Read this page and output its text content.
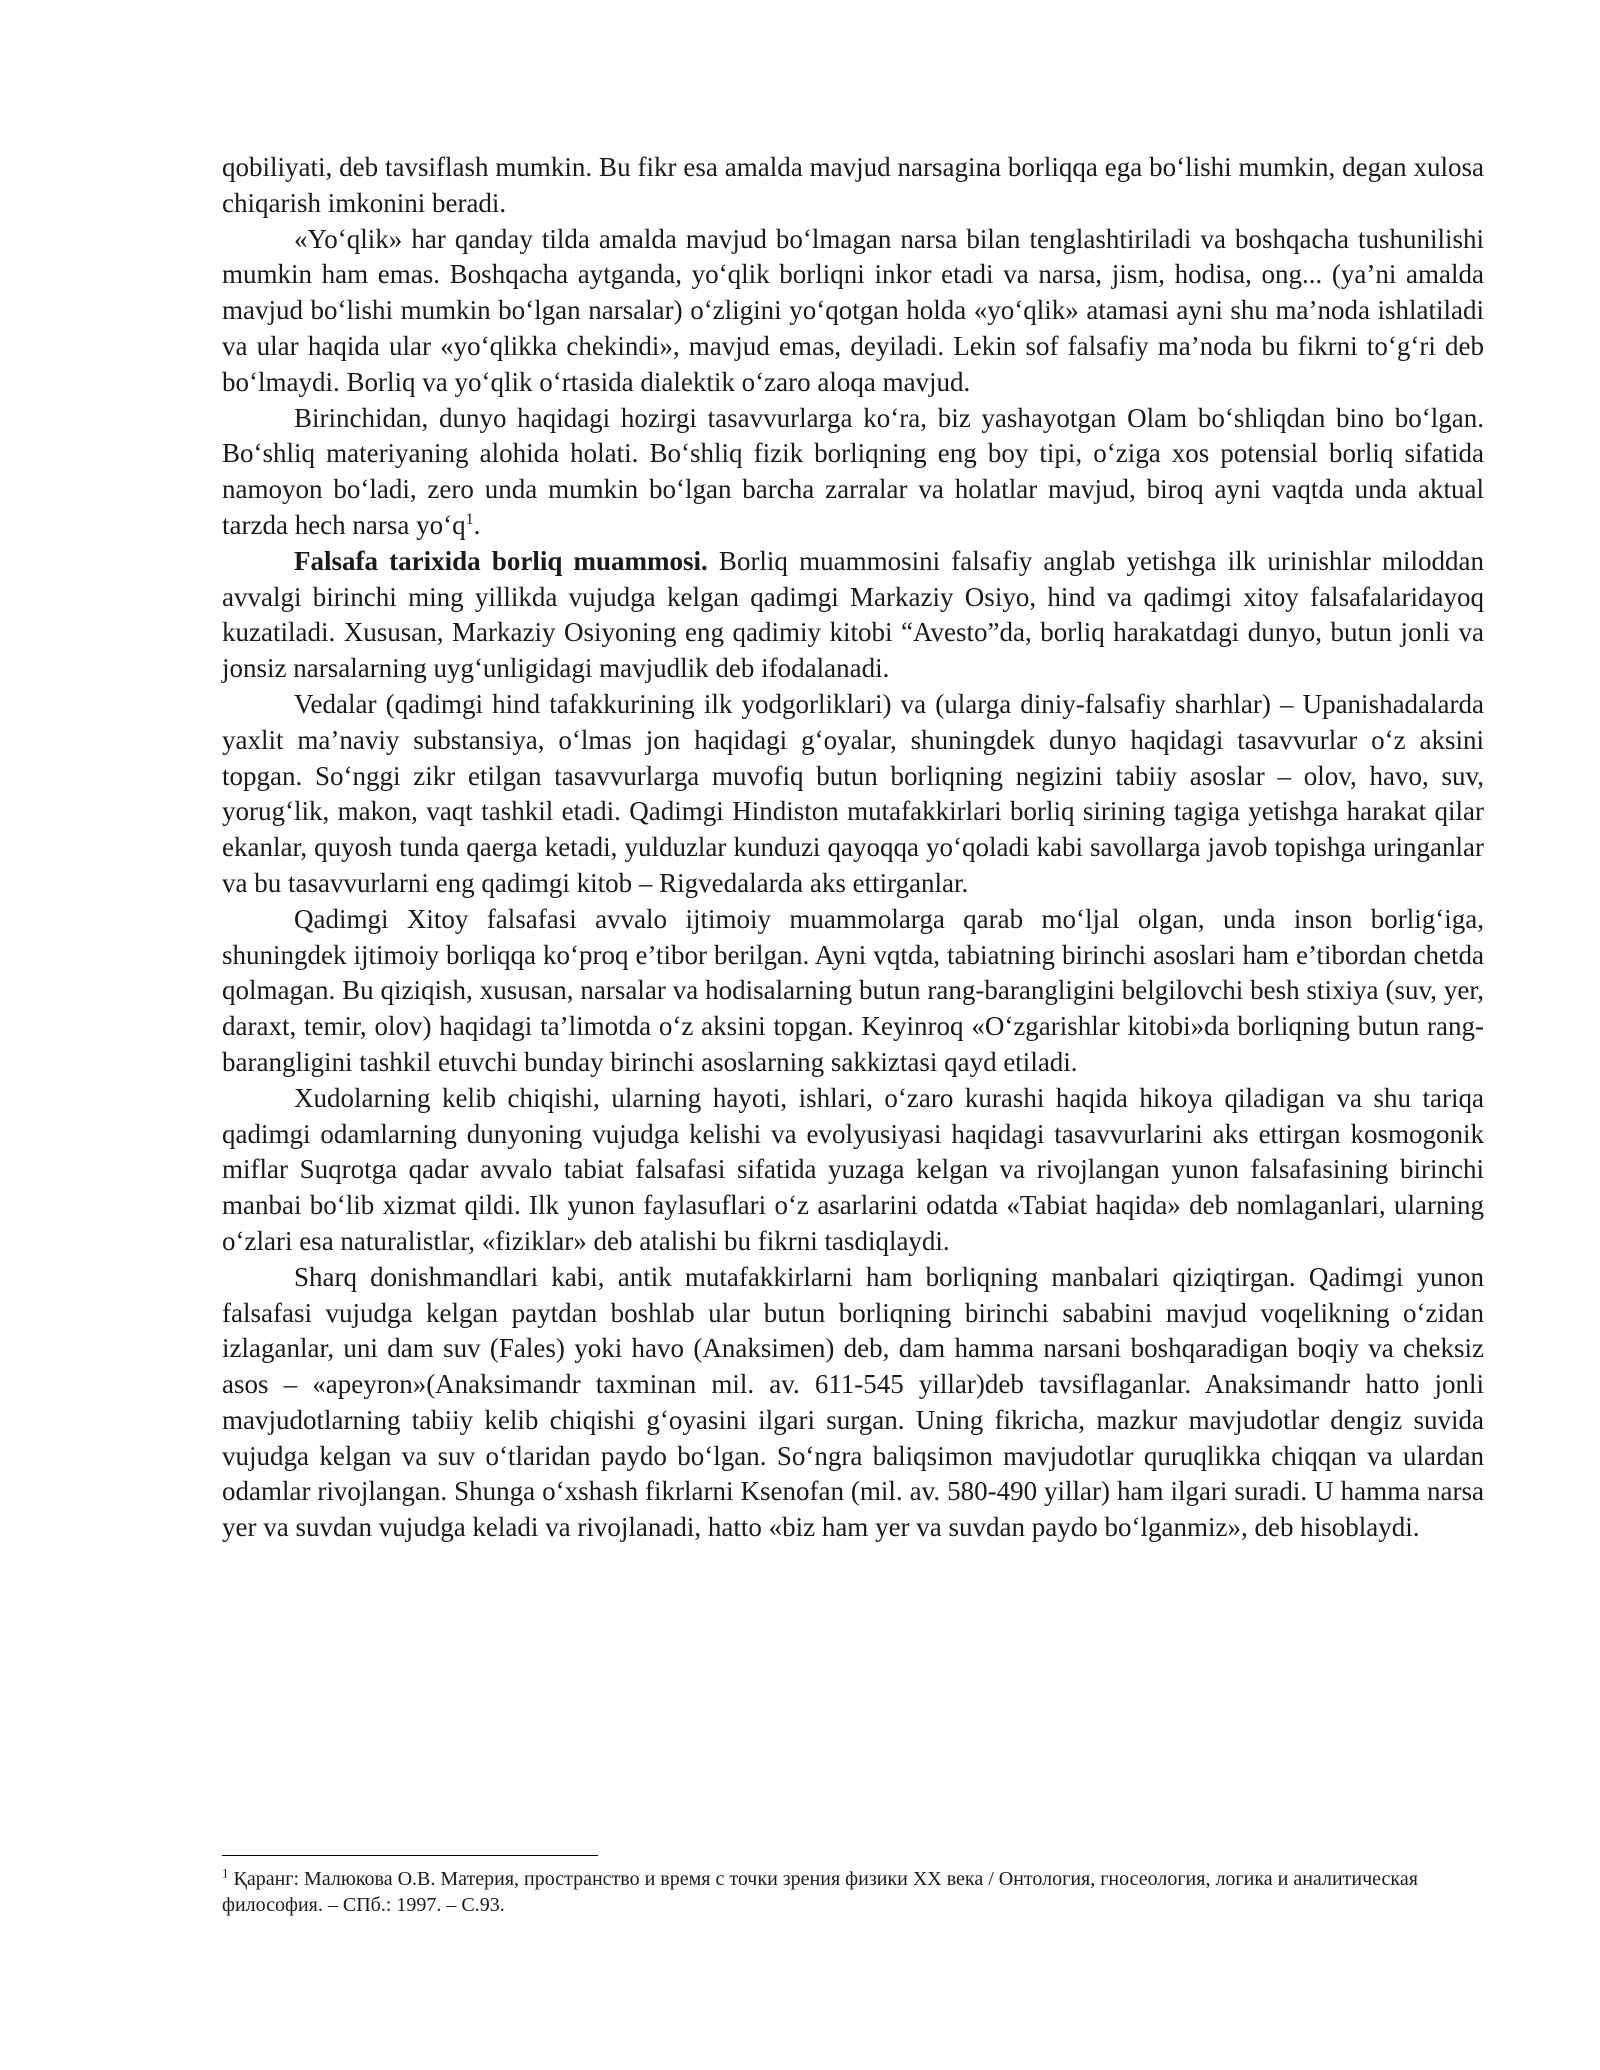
qobiliyati, deb tavsiflash mumkin. Bu fikr esa amalda mavjud narsagina borliqqa ega bo‘lishi mumkin, degan xulosa chiqarish imkonini beradi.

«Yo‘qlik» har qanday tilda amalda mavjud bo‘lmagan narsa bilan tenglashtiriladi va boshqacha tushunilishi mumkin ham emas. Boshqacha aytganda, yo‘qlik borliqni inkor etadi va narsa, jism, hodisa, ong... (ya’ni amalda mavjud bo‘lishi mumkin bo‘lgan narsalar) o‘zligini yo‘qotgan holda «yo‘qlik» atamasi ayni shu ma’noda ishlatiladi va ular haqida ular «yo‘qlikka chekindi», mavjud emas, deyiladi. Lekin sof falsafiy ma’noda bu fikrni to‘g‘ri deb bo‘lmaydi. Borliq va yo‘qlik o‘rtasida dialektik o‘zaro aloqa mavjud.

Birinchidan, dunyo haqidagi hozirgi tasavvurlarga ko‘ra, biz yashayotgan Olam bo‘shliqdan bino bo‘lgan. Bo‘shliq materiyaning alohida holati. Bo‘shliq fizik borliqning eng boy tipi, o‘ziga xos potensial borliq sifatida namoyon bo‘ladi, zero unda mumkin bo‘lgan barcha zarralar va holatlar mavjud, biroq ayni vaqtda unda aktual tarzda hech narsa $yo‘q^1$.

Falsafa tarixida borliq muammosi. Borliq muammosini falsafiy anglab yetishga ilk urinishlar miloddan avvalgi birinchi ming yillikda vujudga kelgan qadimgi Markaziy Osiyo, hind va qadimgi xitoy falsafalaridayoq kuzatiladi. Xususan, Markaziy Osiyoning eng qadimiy kitobi “Avesto”da, borliq harakatdagi dunyo, butun jonli va jonsiz narsalarning uyg‘unligidagi mavjudlik deb ifodalanadi.

Vedalar (qadimgi hind tafakkurining ilk yodgorliklari) va (ularga diniy-falsafiy sharhlar) – Upanishadalarda yaxlit ma’naviy substansiya, o‘lmas jon haqidagi g‘oyalar, shuningdek dunyo haqidagi tasavvurlar o‘z aksini topgan. So‘nggi zikr etilgan tasavvurlarga muvofiq butun borliqning negizini tabiiy asoslar – olov, havo, suv, yorug‘lik, makon, vaqt tashkil etadi. Qadimgi Hindiston mutafakkirlari borliq sirining tagiga yetishga harakat qilar ekanlar, quyosh tunda qaerga ketadi, yulduzlar kunduzi qayoqqa yo‘qoladi kabi savollarga javob topishga uringanlar va bu tasavvurlarni eng qadimgi kitob – Rigvedalarda aks ettirganlar.

Qadimgi Xitoy falsafasi avvalo ijtimoiy muammolarga qarab mo‘ljal olgan, unda inson borlig‘iga, shuningdek ijtimoiy borliqqa ko‘proq e’tibor berilgan. Ayni vqtda, tabiatning birinchi asoslari ham e’tibordan chetda qolmagan. Bu qiziqish, xususan, narsalar va hodisalarning butun rang-barangligini belgilovchi besh stixiya (suv, yer, daraxt, temir, olov) haqidagi ta’limotda o‘z aksini topgan. Keyinroq «O‘zgarishlar kitobi»da borliqning butun rang-barangligini tashkil etuvchi bunday birinchi asoslarning sakkiztasi qayd etiladi.

Xudolarning kelib chiqishi, ularning hayoti, ishlari, o‘zaro kurashi haqida hikoya qiladigan va shu tariqa qadimgi odamlarning dunyoning vujudga kelishi va evolyusiyasi haqidagi tasavvurlarini aks ettirgan kosmogonik miflar Suqrotga qadar avvalo tabiat falsafasi sifatida yuzaga kelgan va rivojlangan yunon falsafasining birinchi manbai bo‘lib xizmat qildi. Ilk yunon faylasuflari o‘z asarlarini odatda «Tabiat haqida» deb nomlaganlari, ularning o‘zlari esa naturalistlar, «fiziklar» deb atalishi bu fikrni tasdiqlaydi.

Sharq donishmandlari kabi, antik mutafakkirlarni ham borliqning manbalari qiziqtirgan. Qadimgi yunon falsafasi vujudga kelgan paytdan boshlab ular butun borliqning birinchi sababini mavjud voqelikning o‘zidan izlaganlar, uni dam suv (Fales) yoki havo (Anaksimen) deb, dam hamma narsani boshqaradigan boqiy va cheksiz asos – «apeyron»(Anaksimandr taxminan mil. av. 611-545 yillar)deb tavsiflaganlar. Anaksimandr hatto jonli mavjudotlarning tabiiy kelib chiqishi g‘oyasini ilgari surgan. Uning fikricha, mazkur mavjudotlar dengiz suvida vujudga kelgan va suv o‘tlaridan paydo bo‘lgan. So‘ngra baliqsimon mavjudotlar quruqlikka chiqqan va ulardan odamlar rivojlangan. Shunga o‘xshash fikrlarni Ksenofan (mil. av. 580-490 yillar) ham ilgari suradi. U hamma narsa yer va suvdan vujudga keladi va rivojlanadi, hatto «biz ham yer va suvdan paydo bo‘lganmiz», deb hisoblaydi.

$^1$ Қаранг: Малюкова О.В. Материя, пространство и время с точки зрения физики XX века / Онтология, гносеология, логика и аналитическая философия. – СПб.: 1997. – С.93.
